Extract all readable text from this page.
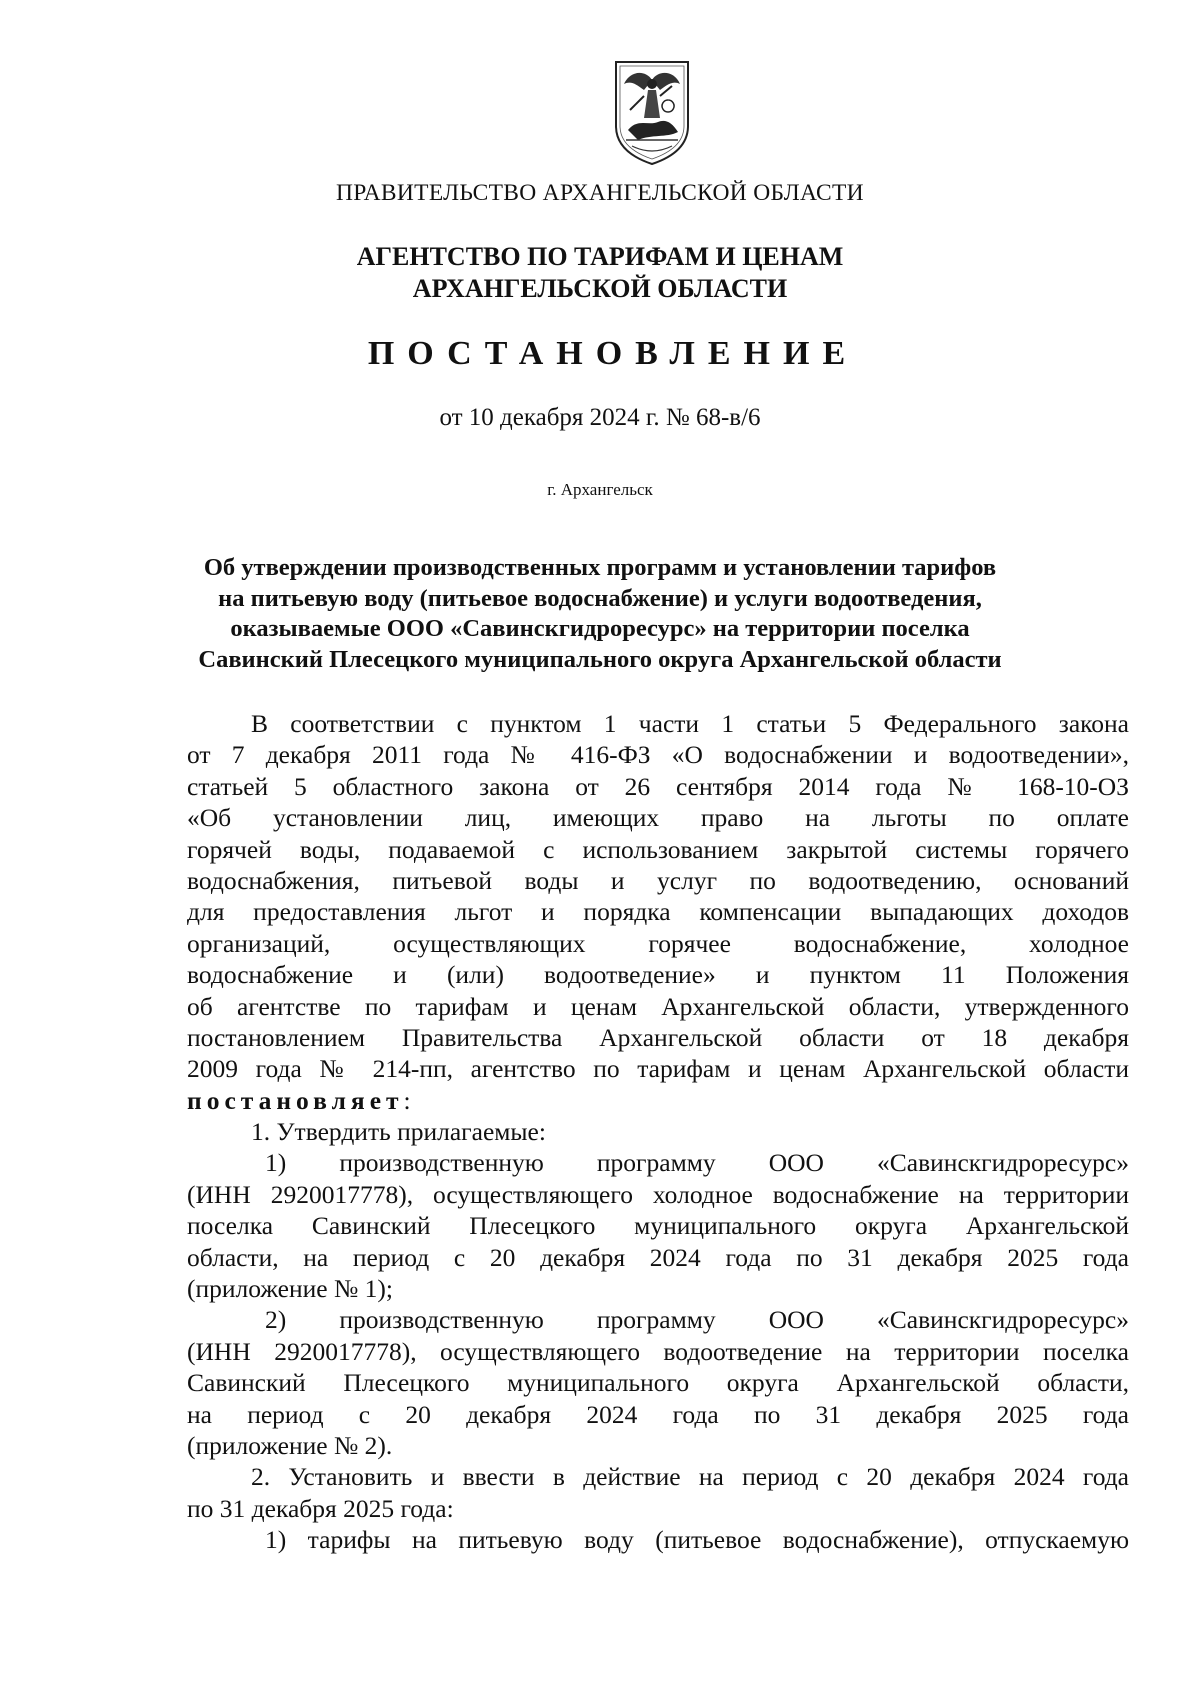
ПРАВИТЕЛЬСТВО АРХАНГЕЛЬСКОЙ ОБЛАСТИ
АГЕНТСТВО ПО ТАРИФАМ И ЦЕНАМ
АРХАНГЕЛЬСКОЙ ОБЛАСТИ
ПОСТАНОВЛЕНИЕ
от 10 декабря 2024 г. № 68-в/6
г. Архангельск
Об утверждении производственных программ и установлении тарифов
на питьевую воду (питьевое водоснабжение) и услуги водоотведения,
оказываемые ООО «Савинскгидроресурс» на территории поселка
Савинский Плесецкого муниципального округа Архангельской области
В соответствии с пунктом 1 части 1 статьи 5 Федерального закона
от 7 декабря 2011 года № 416-ФЗ «О водоснабжении и водоотведении»,
статьей 5 областного закона от 26 сентября 2014 года № 168-10-ОЗ
«Об установлении лиц, имеющих право на льготы по оплате
горячей воды, подаваемой с использованием закрытой системы горячего
водоснабжения, питьевой воды и услуг по водоотведению, оснований
для предоставления льгот и порядка компенсации выпадающих доходов
организаций, осуществляющих горячее водоснабжение, холодное
водоснабжение и (или) водоотведение» и пунктом 11 Положения
об агентстве по тарифам и ценам Архангельской области, утвержденного
постановлением Правительства Архангельской области от 18 декабря
2009 года № 214-пп, агентство по тарифам и ценам Архангельской области
постановляет:
1. Утвердить прилагаемые:
1) производственную программу ООО «Савинскгидроресурс»
(ИНН 2920017778), осуществляющего холодное водоснабжение на территории
поселка Савинский Плесецкого муниципального округа Архангельской
области, на период с 20 декабря 2024 года по 31 декабря 2025 года
(приложение № 1);
2) производственную программу ООО «Савинскгидроресурс»
(ИНН 2920017778), осуществляющего водоотведение на территории поселка
Савинский Плесецкого муниципального округа Архангельской области,
на период с 20 декабря 2024 года по 31 декабря 2025 года
(приложение № 2).
2. Установить и ввести в действие на период с 20 декабря 2024 года
по 31 декабря 2025 года:
1) тарифы на питьевую воду (питьевое водоснабжение), отпускаемую
